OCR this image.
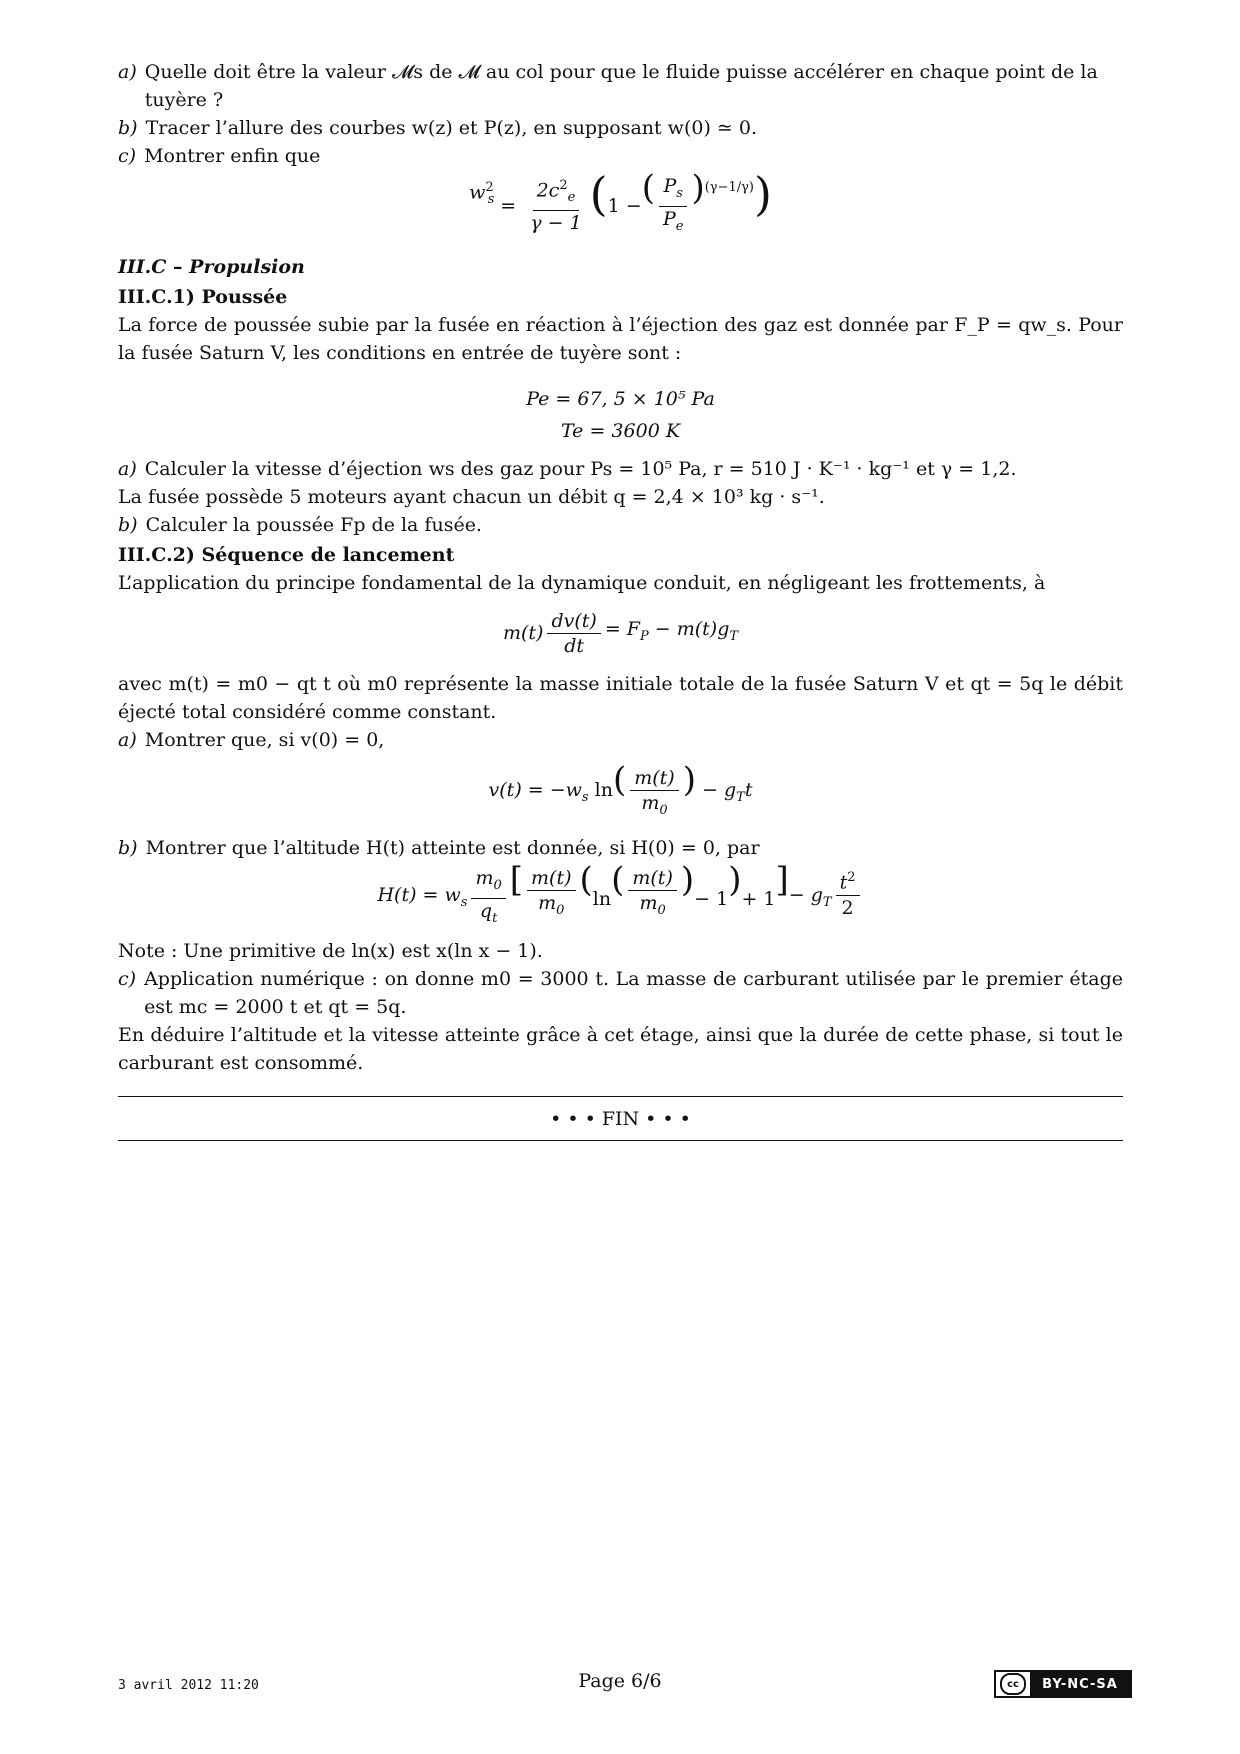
a) Quelle doit être la valeur 𝓜s de 𝓜 au col pour que le fluide puisse accélérer en chaque point de la tuyère ?

b) Tracer l’allure des courbes w(z) et P(z), en supposant w(0) ≃ 0.

c) Montrer enfin que

$w^2_s = \frac{2c^2_e}{\gamma - 1}$ ( 1 − ( $\frac{P_s}{P_e}$ ) (γ−1/γ) )

III.C – Propulsion

III.C.1) Poussée

La force de poussée subie par la fusée en réaction à l’éjection des gaz est donnée par F_P = qw_s. Pour la fusée Saturn V, les conditions en entrée de tuyère sont :

Pe = 67, 5 × 10⁵ Pa
Te = 3600 K

a) Calculer la vitesse d’éjection ws des gaz pour Ps = 10⁵ Pa, r = 510 J · K⁻¹ · kg⁻¹ et γ = 1,2.

La fusée possède 5 moteurs ayant chacun un débit q = 2,4 × 10³ kg · s⁻¹.

b) Calculer la poussée Fp de la fusée.

III.C.2) Séquence de lancement

L’application du principe fondamental de la dynamique conduit, en négligeant les frottements, à

$m(t) \frac{dv(t)}{dt} = F_P - m(t)g_T$

avec m(t) = m0 − qt t où m0 représente la masse initiale totale de la fusée Saturn V et qt = 5q le débit éjecté total considéré comme constant.

a) Montrer que, si v(0) = 0,

$v(t) = -w_s$ ln ( $\frac{m(t)}{m_0}$ ) − $g_Tt$

b) Montrer que l’altitude H(t) atteinte est donnée, si H(0) = 0, par

$H(t) = w_s \frac{m_0}{q_t}$ [ $\frac{m(t)}{m_0}$ ( ln ( $\frac{m(t)}{m_0}$ ) − 1 ) + 1 ] − $g_T \frac{t^2}{2}$

Note : Une primitive de ln(x) est x(ln x − 1).

c) Application numérique : on donne m0 = 3000 t. La masse de carburant utilisée par le premier étage est mc = 2000 t et qt = 5q.

En déduire l’altitude et la vitesse atteinte grâce à cet étage, ainsi que la durée de cette phase, si tout le carburant est consommé.

• • • FIN • • •
3 avril 2012 11:20	Page 6/6	cc	BY-NC-SA
